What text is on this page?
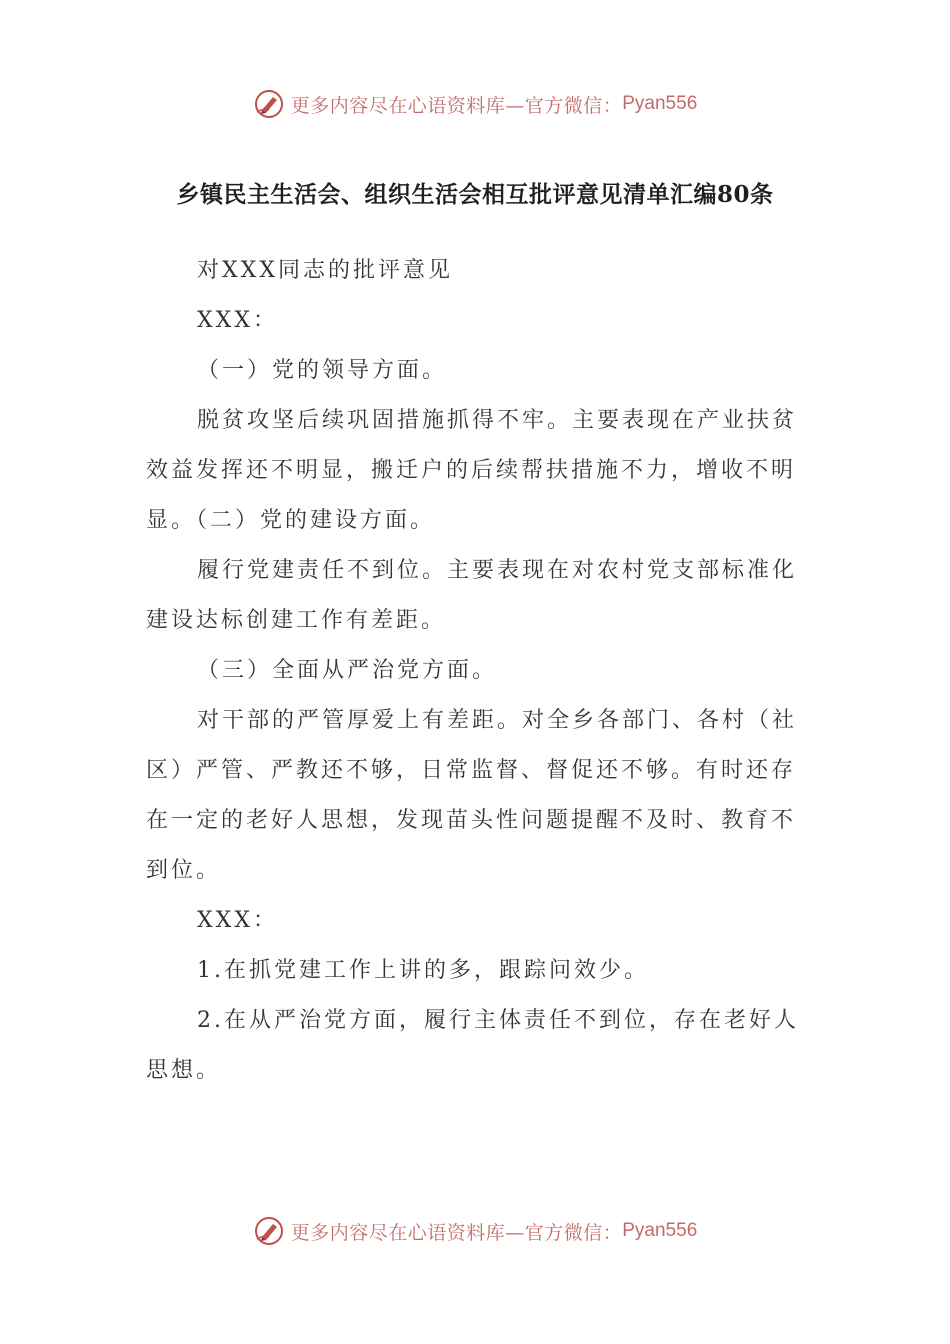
更多内容尽在心语资料库—官方微信： Pyan556
乡镇民主生活会、组织生活会相互批评意见清单汇编80条

对XXX同志的批评意见

XXX：

（一）党的领导方面。

脱贫攻坚后续巩固措施抓得不牢。主要表现在产业扶贫效益发挥还不明显，搬迁户的后续帮扶措施不力，增收不明显。（二）党的建设方面。

履行党建责任不到位。主要表现在对农村党支部标准化建设达标创建工作有差距。

（三）全面从严治党方面。

对干部的严管厚爱上有差距。对全乡各部门、各村（社区）严管、严教还不够，日常监督、督促还不够。有时还存在一定的老好人思想，发现苗头性问题提醒不及时、教育不到位。

XXX：

1.在抓党建工作上讲的多，跟踪问效少。

2.在从严治党方面，履行主体责任不到位，存在老好人思想。

更多内容尽在心语资料库—官方微信： Pyan556
